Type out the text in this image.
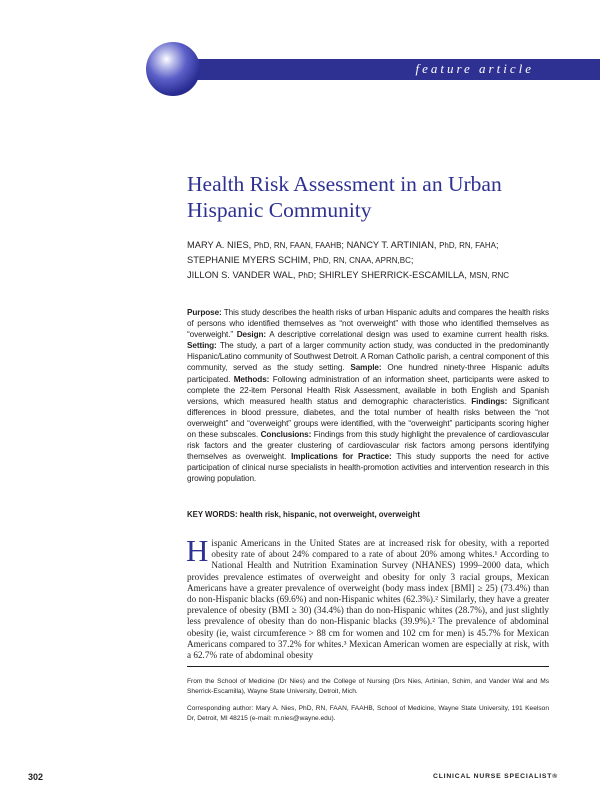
feature article
Health Risk Assessment in an Urban Hispanic Community
MARY A. NIES, PhD, RN, FAAN, FAAHB; NANCY T. ARTINIAN, PhD, RN, FAHA;
STEPHANIE MYERS SCHIM, PhD, RN, CNAA, APRN,BC;
JILLON S. VANDER WAL, PhD; SHIRLEY SHERRICK-ESCAMILLA, MSN, RNC
Purpose: This study describes the health risks of urban Hispanic adults and compares the health risks of persons who identified themselves as “not overweight” with those who identified themselves as “overweight.” Design: A descriptive correlational design was used to examine current health risks. Setting: The study, a part of a larger community action study, was conducted in the predominantly Hispanic/Latino community of Southwest Detroit. A Roman Catholic parish, a central component of this community, served as the study setting. Sample: One hundred ninety-three Hispanic adults participated. Methods: Following administration of an information sheet, participants were asked to complete the 22-item Personal Health Risk Assessment, available in both English and Spanish versions, which measured health status and demographic characteristics. Findings: Significant differences in blood pressure, diabetes, and the total number of health risks between the “not overweight” and “overweight” groups were identified, with the “overweight” participants scoring higher on these subscales. Conclusions: Findings from this study highlight the prevalence of cardiovascular risk factors and the greater clustering of cardiovascular risk factors among persons identifying themselves as overweight. Implications for Practice: This study supports the need for active participation of clinical nurse specialists in health-promotion activities and intervention research in this growing population.
KEY WORDS: health risk, hispanic, not overweight, overweight
Hispanic Americans in the United States are at increased risk for obesity, with a reported obesity rate of about 24% compared to a rate of about 20% among whites.¹ According to National Health and Nutrition Examination Survey (NHANES) 1999–2000 data, which provides prevalence estimates of overweight and obesity for only 3 racial groups, Mexican Americans have a greater prevalence of overweight (body mass index [BMI] ≥ 25) (73.4%) than do non-Hispanic blacks (69.6%) and non-Hispanic whites (62.3%).² Similarly, they have a greater prevalence of obesity (BMI ≥ 30) (34.4%) than do non-Hispanic whites (28.7%), and just slightly less prevalence of obesity than do non-Hispanic blacks (39.9%).² The prevalence of abdominal obesity (ie, waist circumference > 88 cm for women and 102 cm for men) is 45.7% for Mexican Americans compared to 37.2% for whites.³ Mexican American women are especially at risk, with a 62.7% rate of abdominal obesity
From the School of Medicine (Dr Nies) and the College of Nursing (Drs Nies, Artinian, Schim, and Vander Wal and Ms Sherrick-Escamilla), Wayne State University, Detroit, Mich.
Corresponding author: Mary A. Nies, PhD, RN, FAAN, FAAHB, School of Medicine, Wayne State University, 191 Keelson Dr, Detroit, MI 48215 (e-mail: m.nies@wayne.edu).
302	CLINICAL NURSE SPECIALIST®
